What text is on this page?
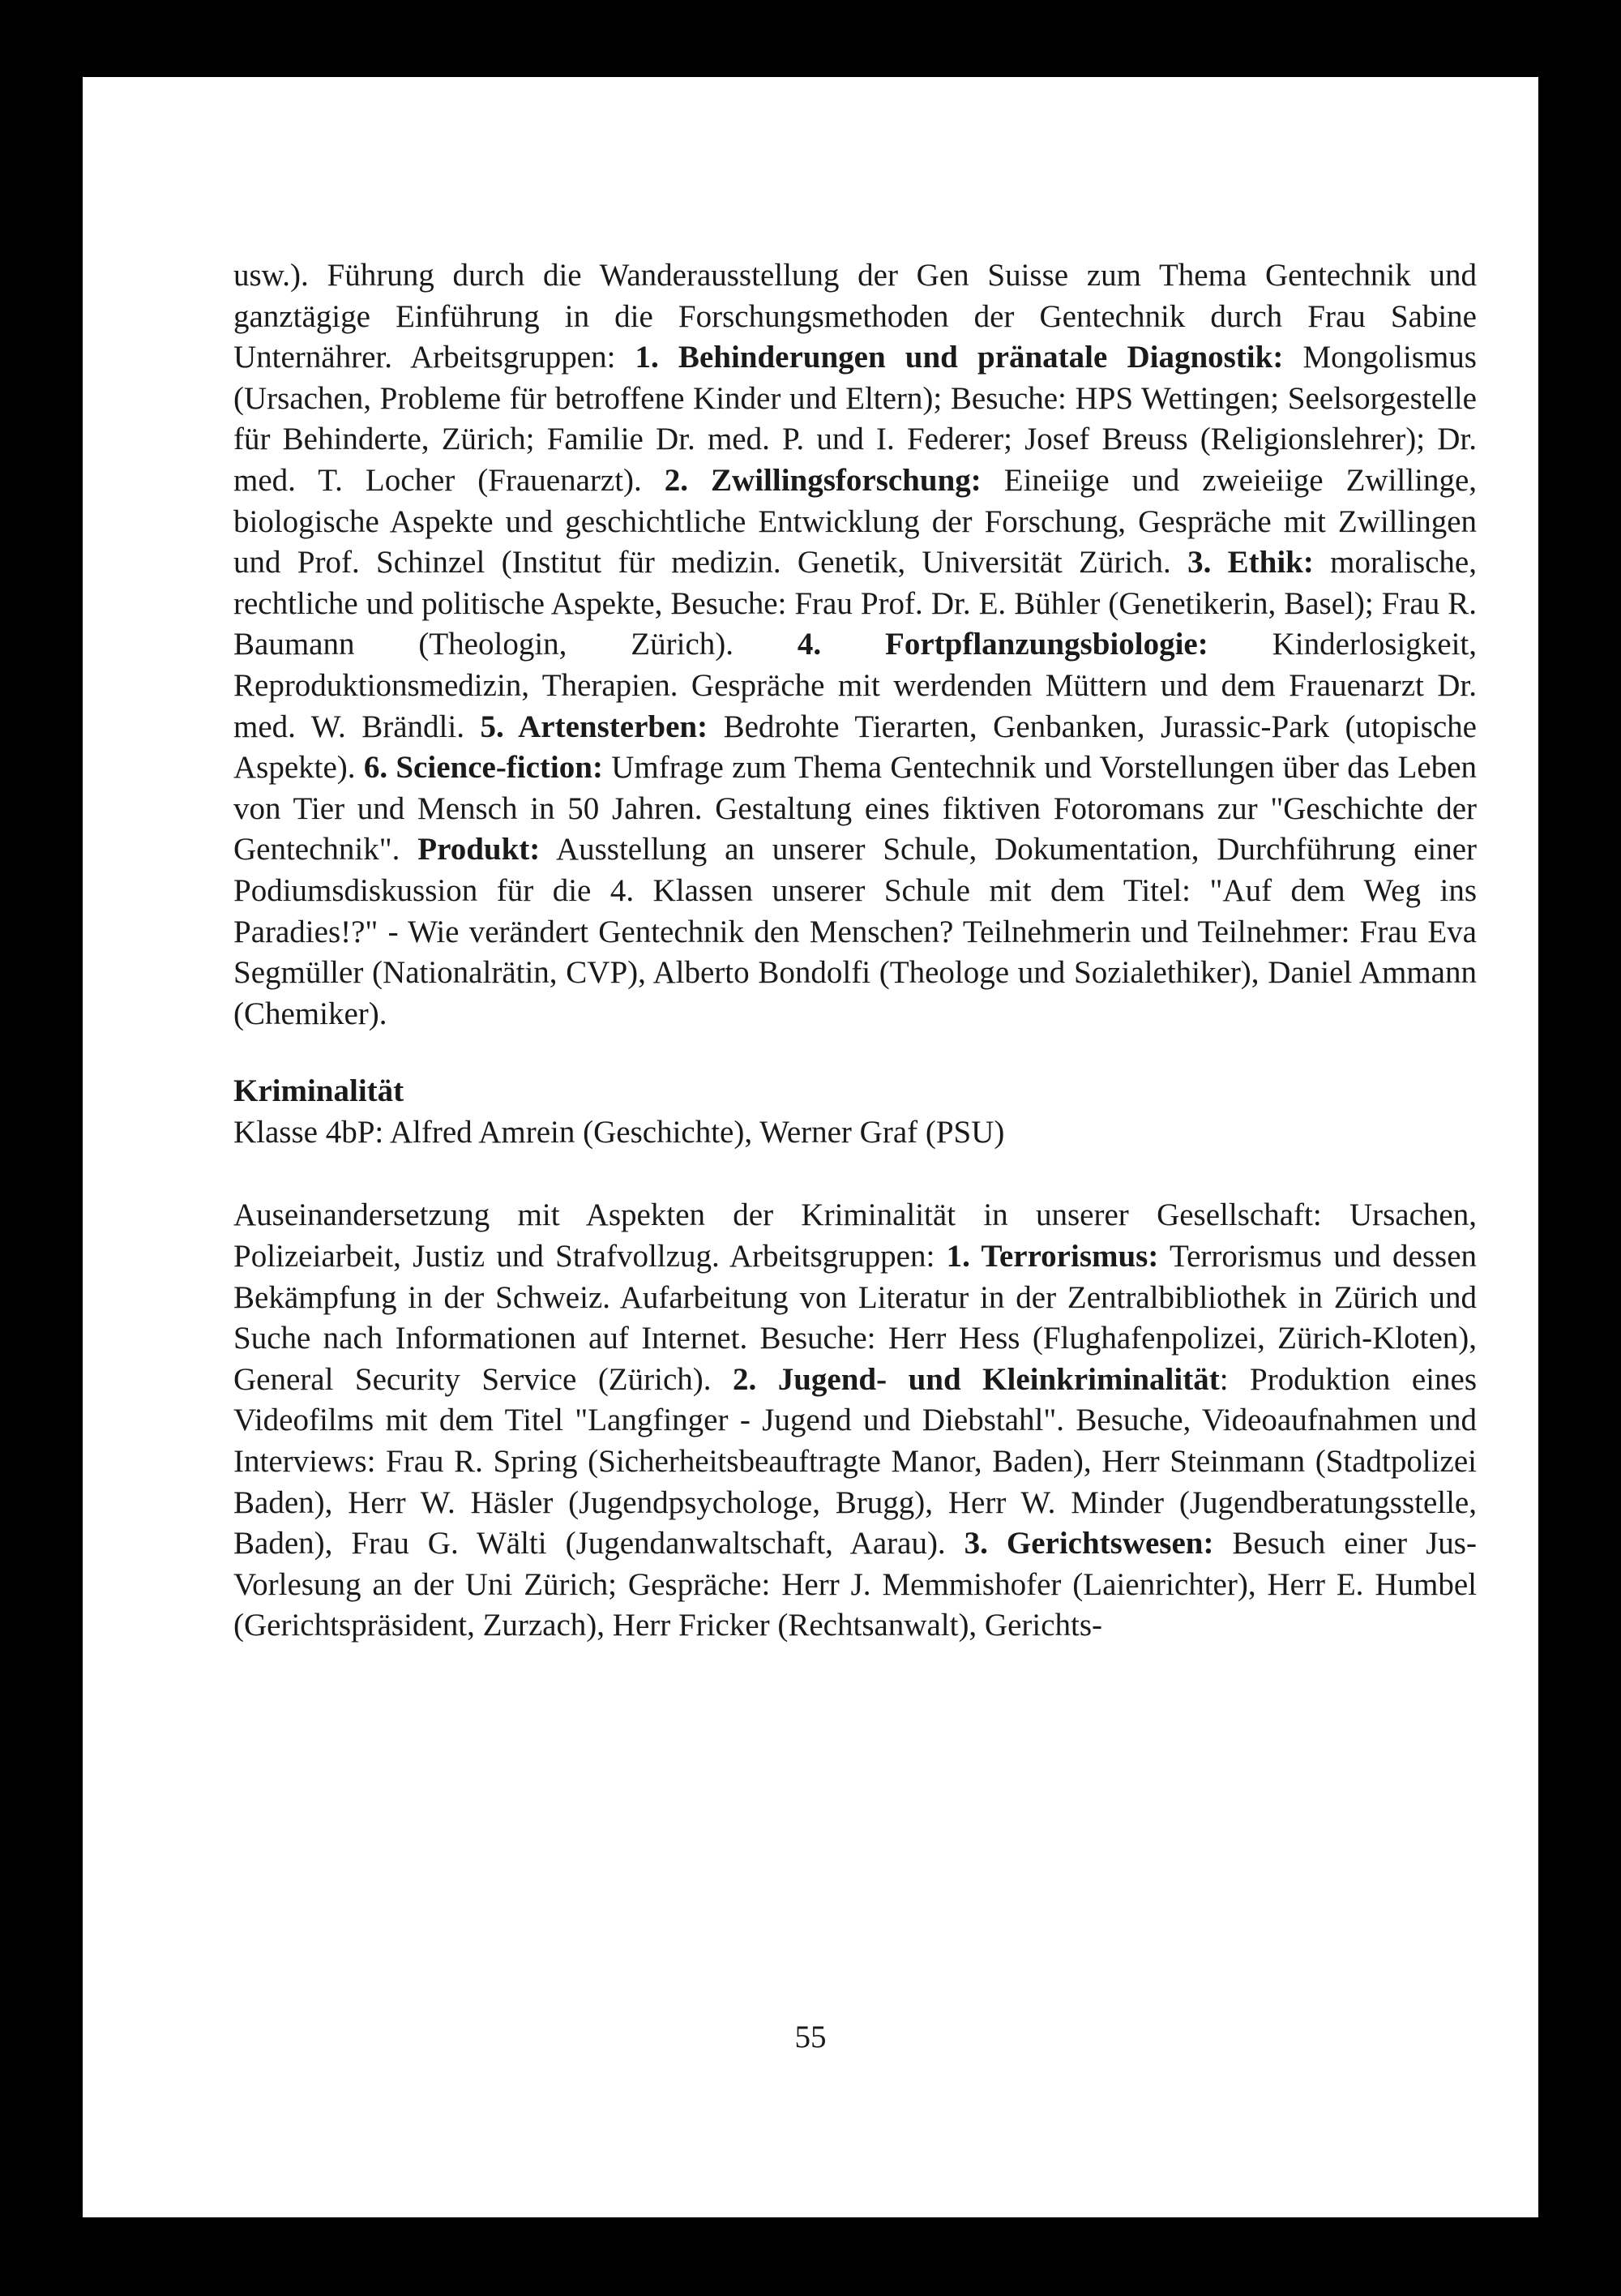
usw.). Führung durch die Wanderausstellung der Gen Suisse zum Thema Gentechnik und ganztägige Einführung in die Forschungsmethoden der Gentechnik durch Frau Sabine Unternährer. Arbeitsgruppen: 1. Behinderungen und pränatale Diagnostik: Mongolismus (Ursachen, Probleme für betroffene Kinder und Eltern); Besuche: HPS Wettingen; Seelsorgestelle für Behinderte, Zürich; Familie Dr. med. P. und I. Federer; Josef Breuss (Religionslehrer); Dr. med. T. Locher (Frauenarzt). 2. Zwillingsforschung: Eineiige und zweieiige Zwillinge, biologische Aspekte und geschichtliche Entwicklung der Forschung, Gespräche mit Zwillingen und Prof. Schinzel (Institut für medizin. Genetik, Universität Zürich. 3. Ethik: moralische, rechtliche und politische Aspekte, Besuche: Frau Prof. Dr. E. Bühler (Genetikerin, Basel); Frau R. Baumann (Theologin, Zürich). 4. Fortpflanzungsbiologie: Kinderlosigkeit, Reproduktionsmedizin, Therapien. Gespräche mit werdenden Müttern und dem Frauenarzt Dr. med. W. Brändli. 5. Artensterben: Bedrohte Tierarten, Genbanken, Jurassic-Park (utopische Aspekte). 6. Science-fiction: Umfrage zum Thema Gentechnik und Vorstellungen über das Leben von Tier und Mensch in 50 Jahren. Gestaltung eines fiktiven Fotoromans zur "Geschichte der Gentechnik". Produkt: Ausstellung an unserer Schule, Dokumentation, Durchführung einer Podiumsdiskussion für die 4. Klassen unserer Schule mit dem Titel: "Auf dem Weg ins Paradies!?" - Wie verändert Gentechnik den Menschen? Teilnehmerin und Teilnehmer: Frau Eva Segmüller (Nationalrätin, CVP), Alberto Bondolfi (Theologe und Sozialethiker), Daniel Ammann (Chemiker).

Kriminalität

Klasse 4bP: Alfred Amrein (Geschichte), Werner Graf (PSU)

Auseinandersetzung mit Aspekten der Kriminalität in unserer Gesellschaft: Ursachen, Polizeiarbeit, Justiz und Strafvollzug. Arbeitsgruppen: 1. Terrorismus: Terrorismus und dessen Bekämpfung in der Schweiz. Aufarbeitung von Literatur in der Zentralbibliothek in Zürich und Suche nach Informationen auf Internet. Besuche: Herr Hess (Flughafenpolizei, Zürich-Kloten), General Security Service (Zürich). 2. Jugend- und Kleinkriminalität: Produktion eines Videofilms mit dem Titel "Langfinger - Jugend und Diebstahl". Besuche, Videoaufnahmen und Interviews: Frau R. Spring (Sicherheitsbeauftragte Manor, Baden), Herr Steinmann (Stadtpolizei Baden), Herr W. Häsler (Jugendpsychologe, Brugg), Herr W. Minder (Jugendberatungsstelle, Baden), Frau G. Wälti (Jugendanwaltschaft, Aarau). 3. Gerichtswesen: Besuch einer Jus-Vorlesung an der Uni Zürich; Gespräche: Herr J. Memmishofer (Laienrichter), Herr E. Humbel (Gerichtspräsident, Zurzach), Herr Fricker (Rechtsanwalt), Gerichts-

55
